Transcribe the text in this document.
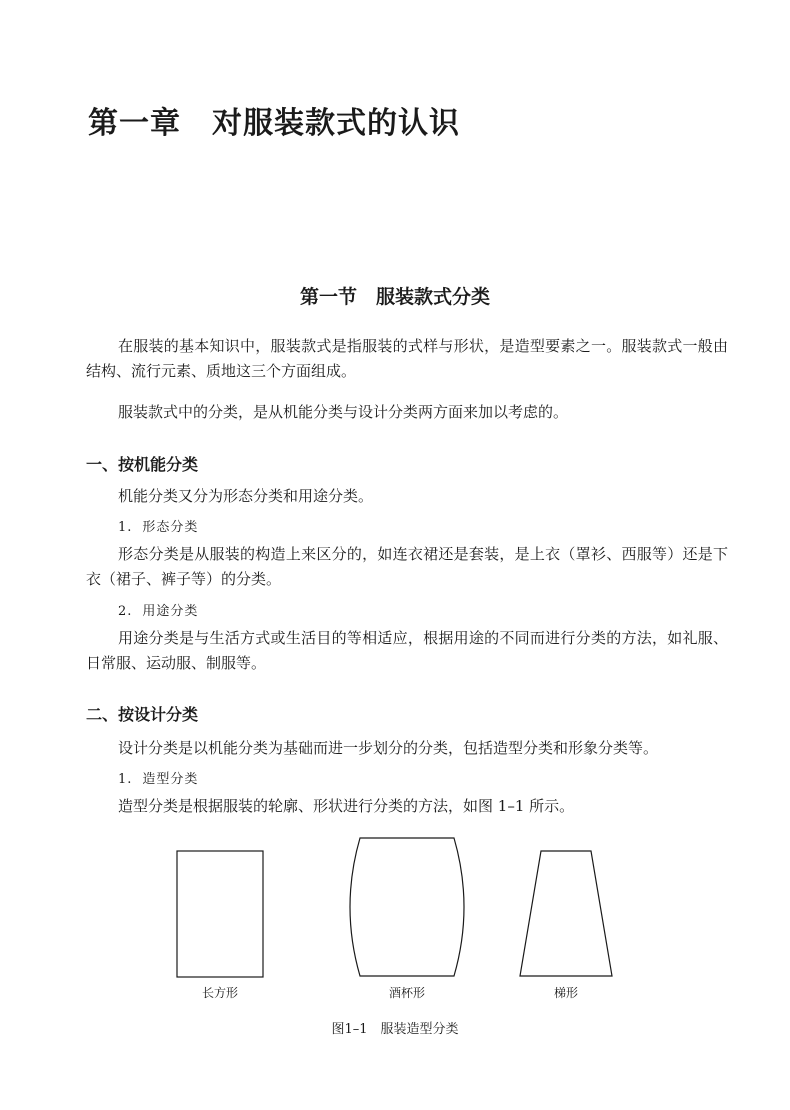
第一章　对服装款式的认识
第一节　服装款式分类

在服装的基本知识中，服装款式是指服装的式样与形状，是造型要素之一。服装款式一般由结构、流行元素、质地这三个方面组成。

服装款式中的分类，是从机能分类与设计分类两方面来加以考虑的。

一、按机能分类

机能分类又分为形态分类和用途分类。

1. 形态分类

形态分类是从服装的构造上来区分的，如连衣裙还是套装，是上衣（罩衫、西服等）还是下衣（裙子、裤子等）的分类。

2. 用途分类

用途分类是与生活方式或生活目的等相适应，根据用途的不同而进行分类的方法，如礼服、日常服、运动服、制服等。

二、按设计分类

设计分类是以机能分类为基础而进一步划分的分类，包括造型分类和形象分类等。

1. 造型分类

造型分类是根据服装的轮廓、形状进行分类的方法，如图 1–1 所示。

长方形	酒杯形	梯形
图1–1　服装造型分类
